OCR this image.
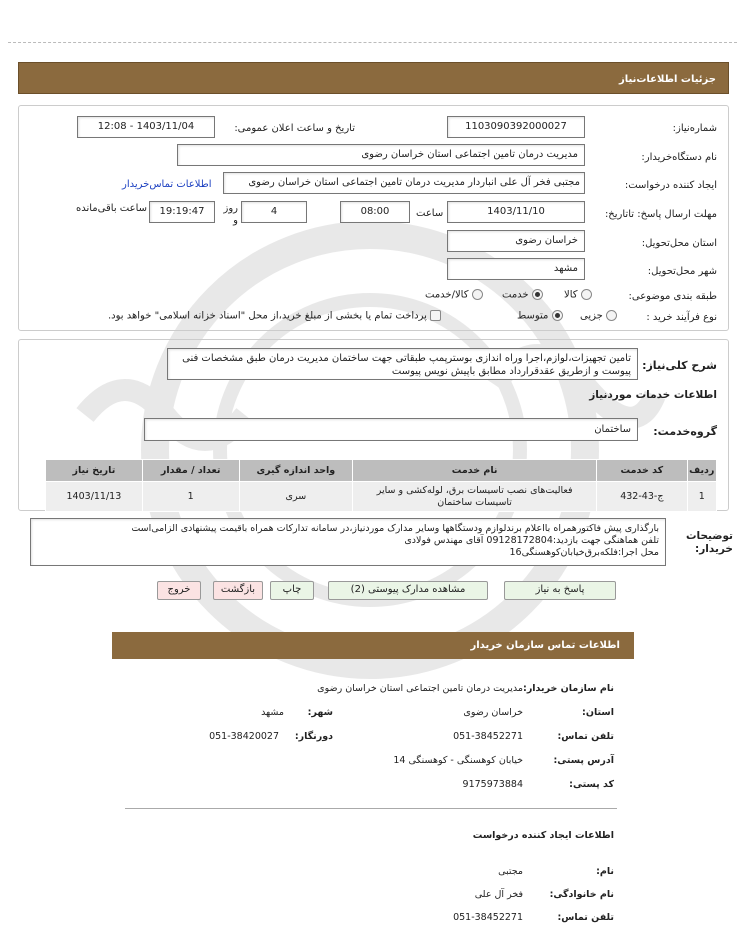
جزئیات اطلاعات‌نیاز
شماره‌نیاز:
1103090392000027
تاریخ و ساعت اعلان عمومی:
1403/11/04 - 12:08
نام دستگاه‌خریدار:
مدیریت درمان تامین اجتماعی استان خراسان رضوی
ایجاد کننده درخواست:
مجتبی فخر آل علی انباردار مدیریت درمان تامین اجتماعی استان خراسان رضوی
اطلاعات تماس‌خریدار
مهلت ارسال پاسخ: تاتاریخ:
1403/11/10
ساعت
08:00
4
روز و
19:19:47
ساعت باقی‌مانده
استان محل‌تحویل:
خراسان رضوی
شهر محل‌تحویل:
مشهد
طبقه بندی موضوعی:
کالا
خدمت
کالا/خدمت
نوع فرآیند خرید :
جزیی
متوسط
پرداخت تمام یا بخشی از مبلغ خرید،از محل "اسناد خزانه اسلامی" خواهد بود.
شرح کلی‌نیاز:
تامین تجهیزات،لوازم،اجرا وراه اندازی بوسترپمپ طبقاتی جهت ساختمان مدیریت درمان طبق مشخصات فنی پیوست و ازطریق عقدقرارداد مطابق باپیش نویس پیوست
اطلاعات خدمات موردنیاز
گروه‌خدمت:
ساختمان
ردیف	کد خدمت	نام خدمت	واحد اندازه گیری	تعداد / مقدار	تاریخ نیاز
1	ج-43-432	فعالیت‌های نصب تاسیسات برق، لوله‌کشی و سایر تاسیسات ساختمان	سری	1	1403/11/13
توضیحات خریدار:
بارگذاری پیش فاکتورهمراه بااعلام برندلوازم ودستگاهها وسایر مدارک موردنیاز،در سامانه تدارکات همراه باقیمت پیشنهادی الزامی‌است
تلفن هماهنگی جهت بازدید:09128172804 آقای مهندس فولادی
محل اجرا:فلکه‌برق‌خیابان‌کوهسنگی‌16
پاسخ به نیاز
مشاهده مدارک پیوستی (2)
چاپ
بازگشت
خروج
اطلاعات تماس سازمان خریدار
نام سازمان خریدار:
مدیریت درمان تامین اجتماعی استان خراسان رضوی
استان:
خراسان رضوی
شهر:
مشهد
تلفن تماس:
051-38452271
دورنگار:
051-38420027
آدرس پستی:
خیابان کوهسنگی - کوهسنگی 14
کد پستی:
9175973884
اطلاعات ایجاد کننده درخواست
نام:
مجتبی
نام خانوادگی:
فخر آل علی
تلفن تماس:
051-38452271
